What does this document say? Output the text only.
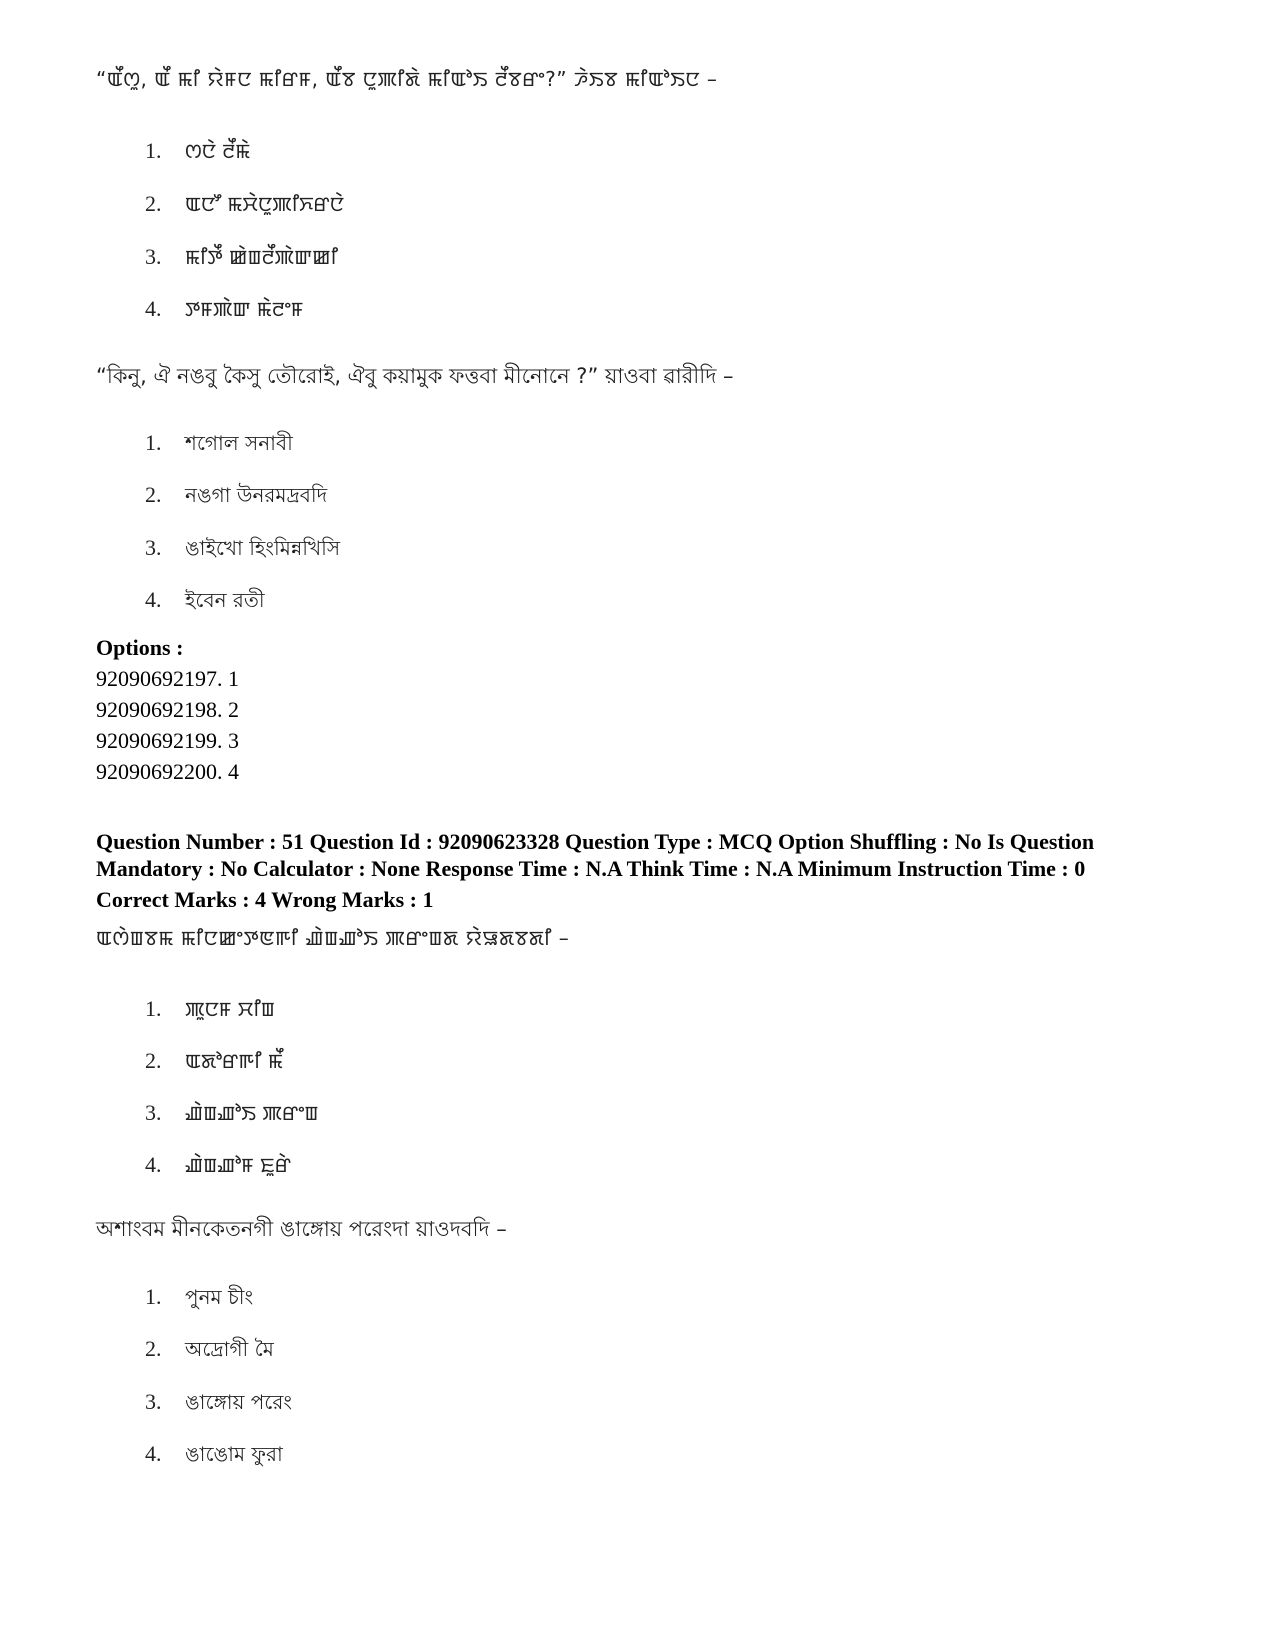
“ꯑꯩꯁꯨ, ꯑꯩ ꯃꯤ ꯌꯥꯝꯅ ꯃꯤꯔꯝ, ꯑꯩꯕ ꯅꯨꯄꯤꯗꯥ ꯃꯤꯑꯣꯏ ꯂꯩꯕꯔꯦ?” ꯍꯥꯏꯕ ꯃꯤꯑꯣꯏꯅ –
1. ꯁꯅꯥ ꯂꯩꯃꯥ
2. ꯑꯅꯧ ꯃꯆꯥꯅꯨꯄꯤꯈꯔꯅꯥ
3. ꯃꯤꯇꯩ ꯀꯥꯡꯂꯩꯄꯥꯛꯀꯤ
4. ꯇꯝꯄꯥꯛ ꯃꯥꯂꯦꯝ
“কিনু, ঐ নঙবু কৈসু তৌরোই, ঐবু কয়ামুক ফত্তবা মীনোনে ?” য়াওবা ৱারীদি –
1. শগোল সনাবী
2. নঙগা উনরমদ্রবদি
3. ঙাইখো হিংমিন্নখিসি
4. ইবেন রতী
Options :
92090692197. 1
92090692198. 2
92090692199. 3
92090692200. 4
Question Number : 51 Question Id : 92090623328 Question Type : MCQ Option Shuffling : No Is Question
Mandatory : No Calculator : None Response Time : N.A Think Time : N.A Minimum Instruction Time : 0
Correct Marks : 4 Wrong Marks : 1
ꯑꯁꯥꯡꯕꯃ ꯃꯤꯅꯀꯦꯇꯟꯒꯤ ꯉꯥꯡꯉꯣꯏ ꯄꯔꯦꯡꯗ ꯌꯥꯎꯗꯕꯗꯤ –
1. ꯄꯨꯅꯝ ꯆꯤꯡ
2. ꯑꯗꯣꯔꯒꯤ ꯃꯩ
3. ꯉꯥꯡꯉꯣꯏ ꯄꯔꯦꯡ
4. ꯉꯥꯡꯉꯣꯝ ꯐꯨꯔꯥ
অশাংবম মীনকেতনগী ঙাঙ্গোয় পরেংদা য়াওদবদি –
1. পুনম চীং
2. অদ্রোগী মৈ
3. ঙাঙ্গোয় পরেং
4. ঙাঙোম ফুরা
